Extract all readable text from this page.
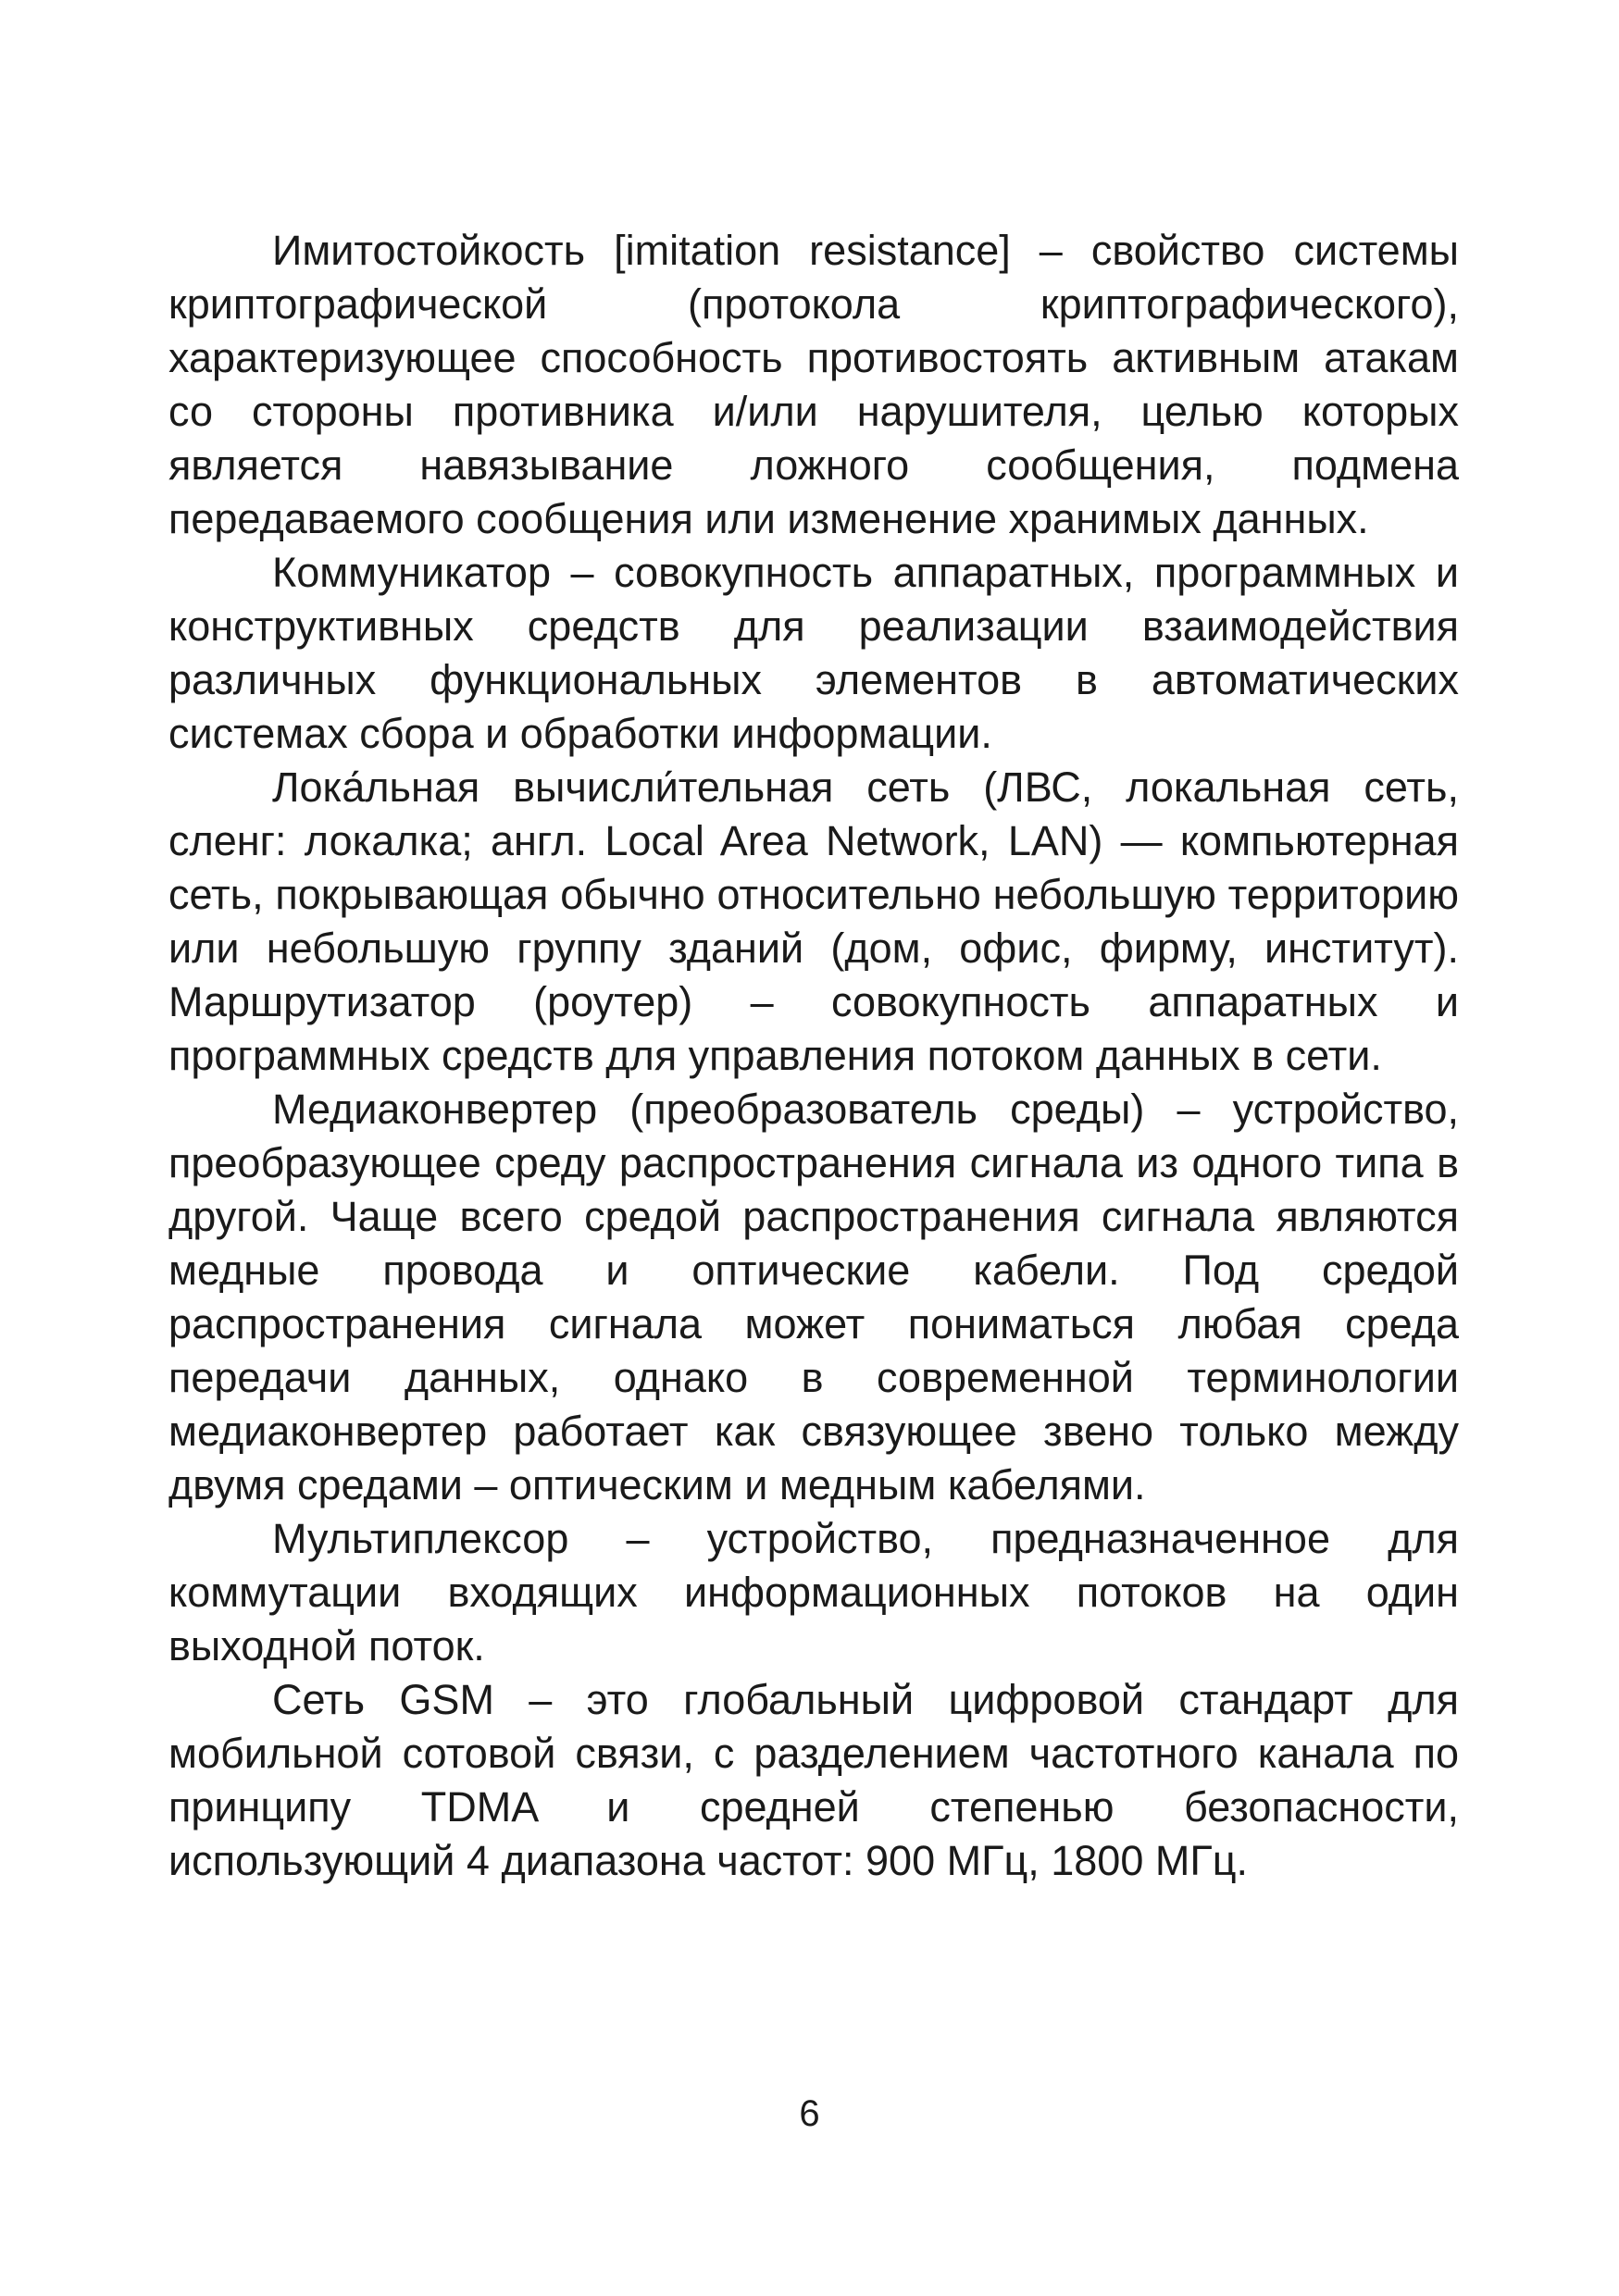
Имитостойкость [imitation resistance] – свойство системы криптографической (протокола криптографического), характеризующее способность противостоять активным атакам со стороны противника и/или нарушителя, целью которых является навязывание ложного сообщения, подмена передаваемого сообщения или изменение хранимых данных.

Коммуникатор – совокупность аппаратных, программных и конструктивных средств для реализации взаимодействия различных функциональных элементов в автоматических системах сбора и обработки информации.

Лока́льная вычисли́тельная сеть (ЛВС, локальная сеть, сленг: локалка; англ. Local Area Network, LAN) — компьютерная сеть, покрывающая обычно относительно небольшую территорию или небольшую группу зданий (дом, офис, фирму, институт). Маршрутизатор (роутер) – совокупность аппаратных и программных средств для управления потоком данных в сети.

Медиаконвертер (преобразователь среды) – устройство, преобразующее среду распространения сигнала из одного типа в другой. Чаще всего средой распространения сигнала являются медные провода и оптические кабели. Под средой распространения сигнала может пониматься любая среда передачи данных, однако в современной терминологии медиаконвертер работает как связующее звено только между двумя средами – оптическим и медным кабелями.

Мультиплексор – устройство, предназначенное для коммутации входящих информационных потоков на один выходной поток.

Сеть GSM – это глобальный цифровой стандарт для мобильной сотовой связи, с разделением частотного канала по принципу TDMA и средней степенью безопасности, использующий 4 диапазона частот: 900 МГц, 1800 МГц.

6
